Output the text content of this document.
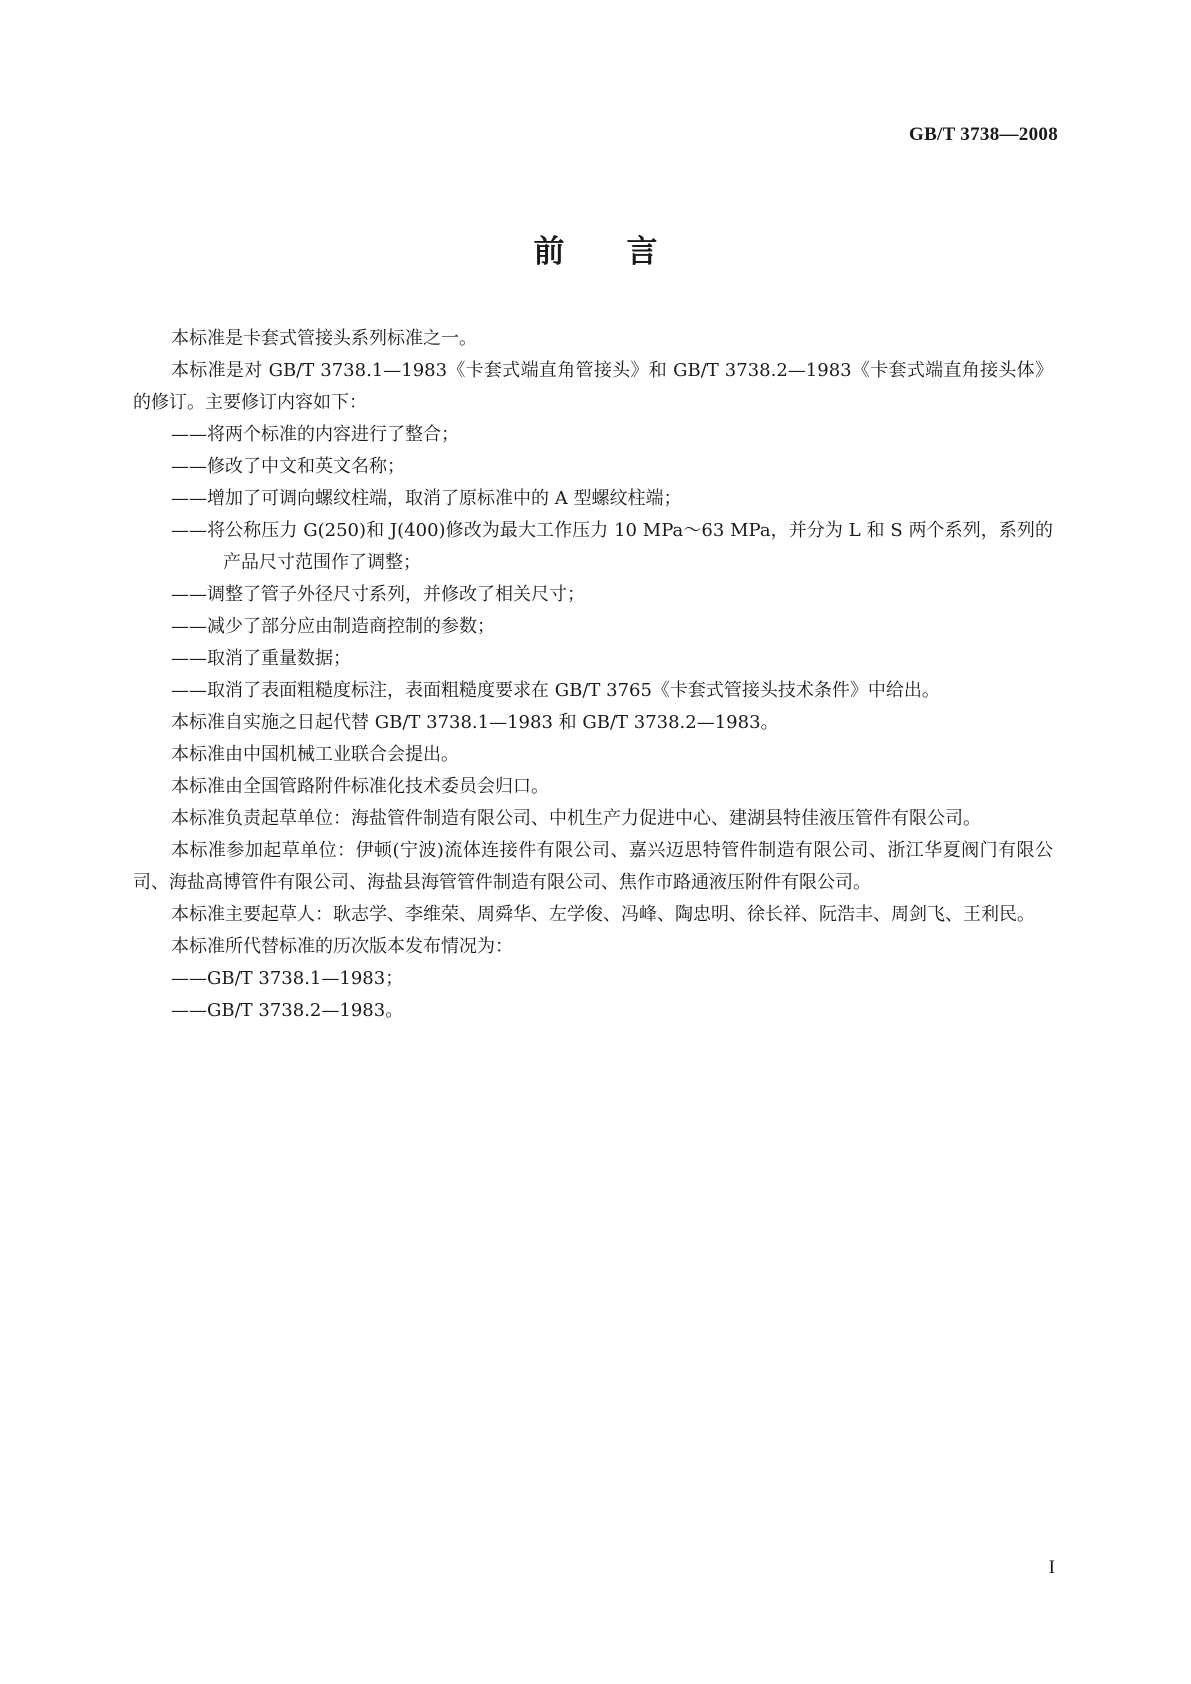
GB/T 3738—2008
前言

本标准是卡套式管接头系列标准之一。

本标准是对 GB/T 3738.1—1983《卡套式端直角管接头》和 GB/T 3738.2—1983《卡套式端直角接头体》的修订。主要修订内容如下：

——将两个标准的内容进行了整合；

——修改了中文和英文名称；

——增加了可调向螺纹柱端，取消了原标准中的 A 型螺纹柱端；

——将公称压力 G(250)和 J(400)修改为最大工作压力 10 MPa～63 MPa，并分为 L 和 S 两个系列，系列的产品尺寸范围作了调整；

——调整了管子外径尺寸系列，并修改了相关尺寸；

——减少了部分应由制造商控制的参数；

——取消了重量数据；

——取消了表面粗糙度标注，表面粗糙度要求在 GB/T 3765《卡套式管接头技术条件》中给出。

本标准自实施之日起代替 GB/T 3738.1—1983 和 GB/T 3738.2—1983。

本标准由中国机械工业联合会提出。

本标准由全国管路附件标准化技术委员会归口。

本标准负责起草单位：海盐管件制造有限公司、中机生产力促进中心、建湖县特佳液压管件有限公司。

本标准参加起草单位：伊顿(宁波)流体连接件有限公司、嘉兴迈思特管件制造有限公司、浙江华夏阀门有限公司、海盐高博管件有限公司、海盐县海管管件制造有限公司、焦作市路通液压附件有限公司。

本标准主要起草人：耿志学、李维荣、周舜华、左学俊、冯峰、陶忠明、徐长祥、阮浩丰、周剑飞、王利民。

本标准所代替标准的历次版本发布情况为：

——GB/T 3738.1—1983；

——GB/T 3738.2—1983。

I
